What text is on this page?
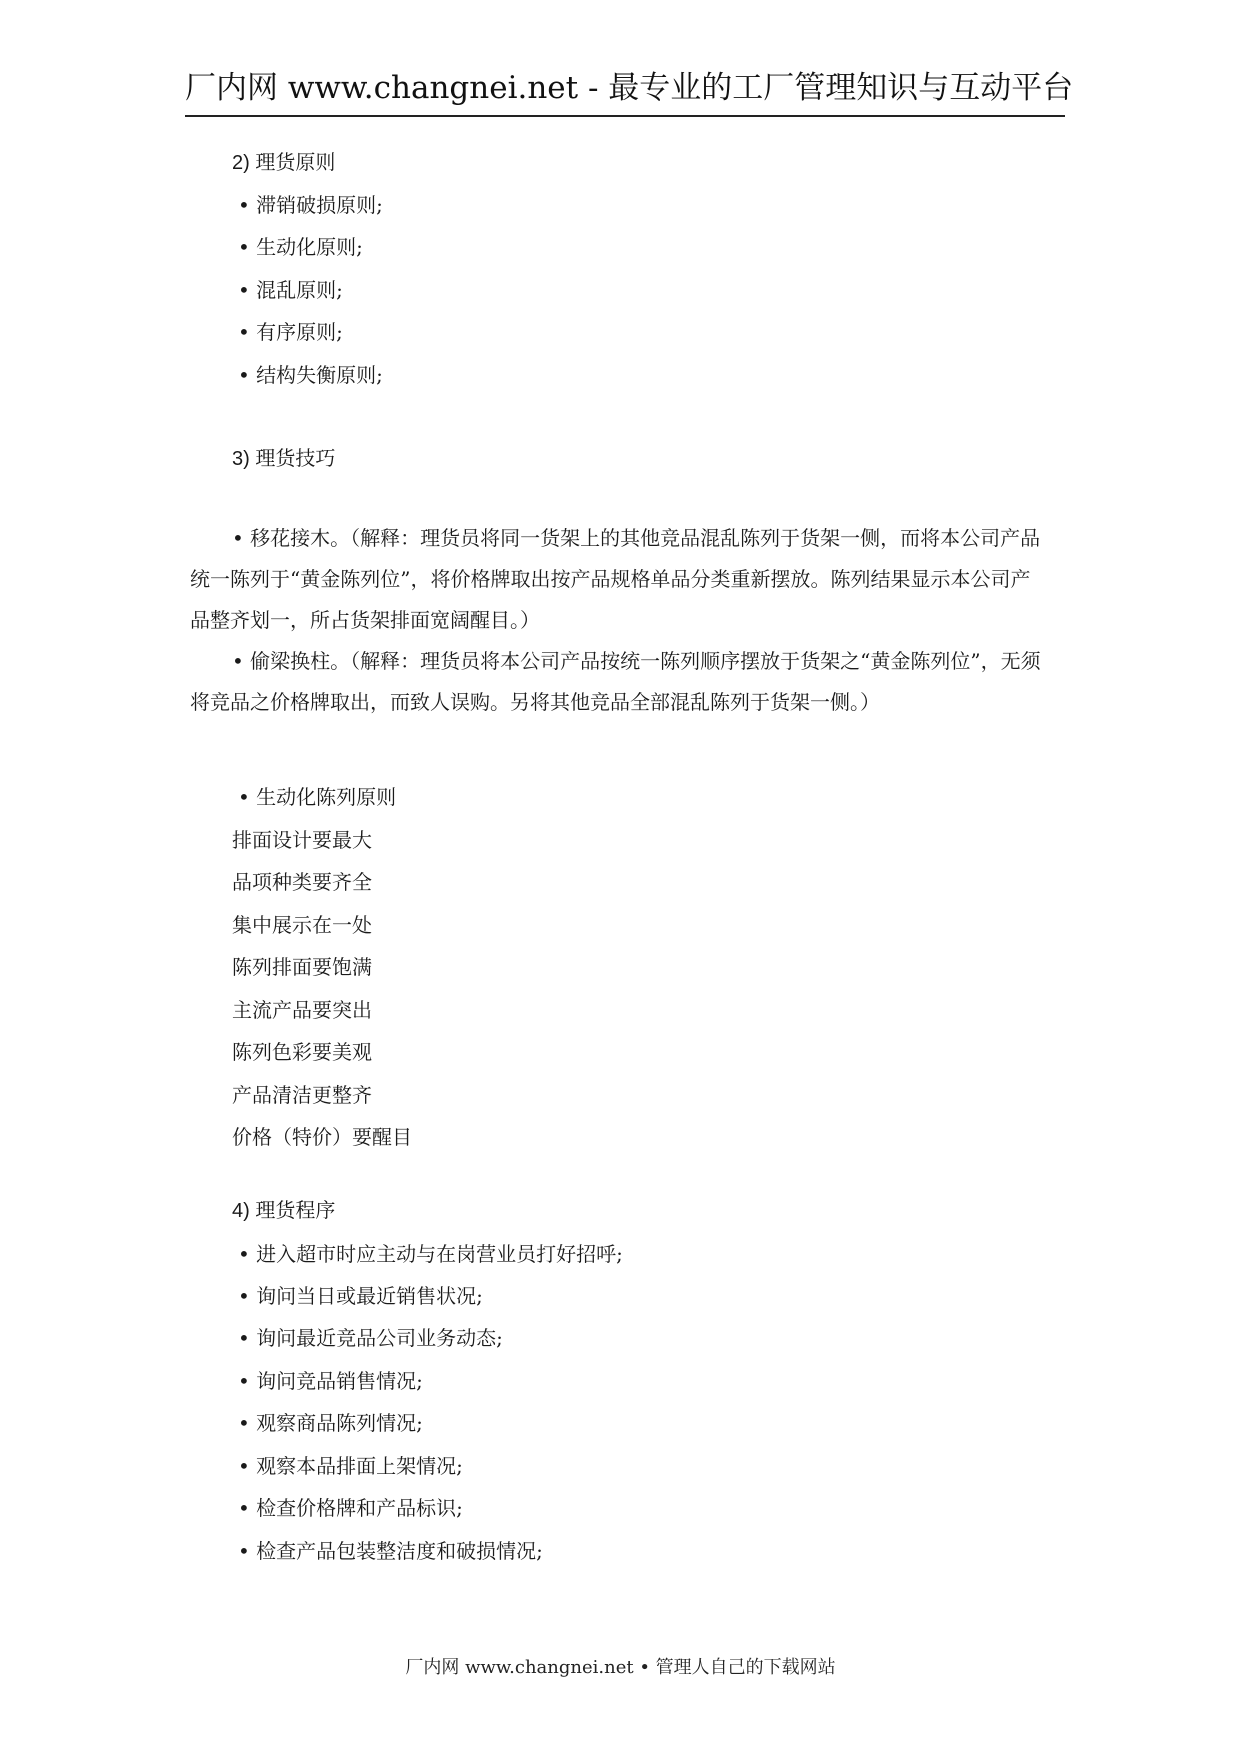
厂内网 www.changnei.net - 最专业的工厂管理知识与互动平台
2) 理货原则
• 滞销破损原则;
• 生动化原则;
• 混乱原则;
• 有序原则;
• 结构失衡原则;
3) 理货技巧

• 移花接木。（解释：理货员将同一货架上的其他竞品混乱陈列于货架一侧，而将本公司产品统一陈列于“黄金陈列位”，将价格牌取出按产品规格单品分类重新摆放。陈列结果显示本公司产品整齐划一，所占货架排面宽阔醒目。）

• 偷梁换柱。（解释：理货员将本公司产品按统一陈列顺序摆放于货架之“黄金陈列位”，无须将竞品之价格牌取出，而致人误购。另将其他竞品全部混乱陈列于货架一侧。）

• 生动化陈列原则
排面设计要最大
品项种类要齐全
集中展示在一处
陈列排面要饱满
主流产品要突出
陈列色彩要美观
产品清洁更整齐
价格（特价）要醒目
4) 理货程序
• 进入超市时应主动与在岗营业员打好招呼;
• 询问当日或最近销售状况;
• 询问最近竞品公司业务动态;
• 询问竞品销售情况;
• 观察商品陈列情况;
• 观察本品排面上架情况;
• 检查价格牌和产品标识;
• 检查产品包装整洁度和破损情况;
厂内网 www.changnei.net • 管理人自己的下载网站
